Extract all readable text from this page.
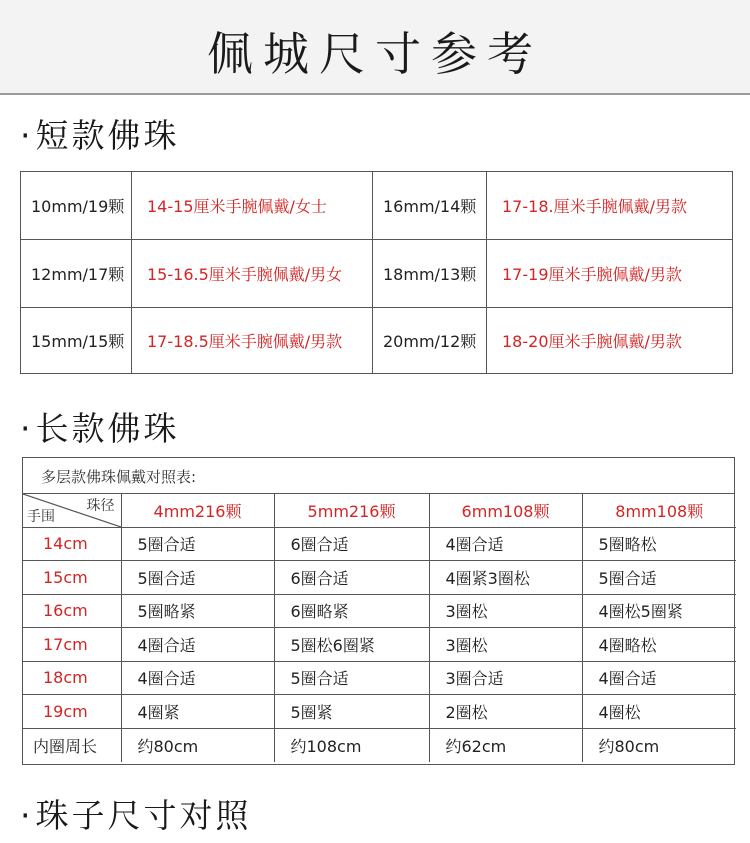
佩城尺寸参考
·短款佛珠
10mm/19颗	14-15厘米手腕佩戴/女士	16mm/14颗	17-18.厘米手腕佩戴/男款
12mm/17颗	15-16.5厘米手腕佩戴/男女	18mm/13颗	17-19厘米手腕佩戴/男款
15mm/15颗	17-18.5厘米手腕佩戴/男款	20mm/12颗	18-20厘米手腕佩戴/男款
·长款佛珠
多层款佛珠佩戴对照表:
珠径
手围	4mm216颗	5mm216颗	6mm108颗	8mm108颗
14cm	5圈合适	6圈合适	4圈合适	5圈略松
15cm	5圈合适	6圈合适	4圈紧3圈松	5圈合适
16cm	5圈略紧	6圈略紧	3圈松	4圈松5圈紧
17cm	4圈合适	5圈松6圈紧	3圈松	4圈略松
18cm	4圈合适	5圈合适	3圈合适	4圈合适
19cm	4圈紧	5圈紧	2圈松	4圈松
内圈周长	约80cm	约108cm	约62cm	约80cm
·珠子尺寸对照
